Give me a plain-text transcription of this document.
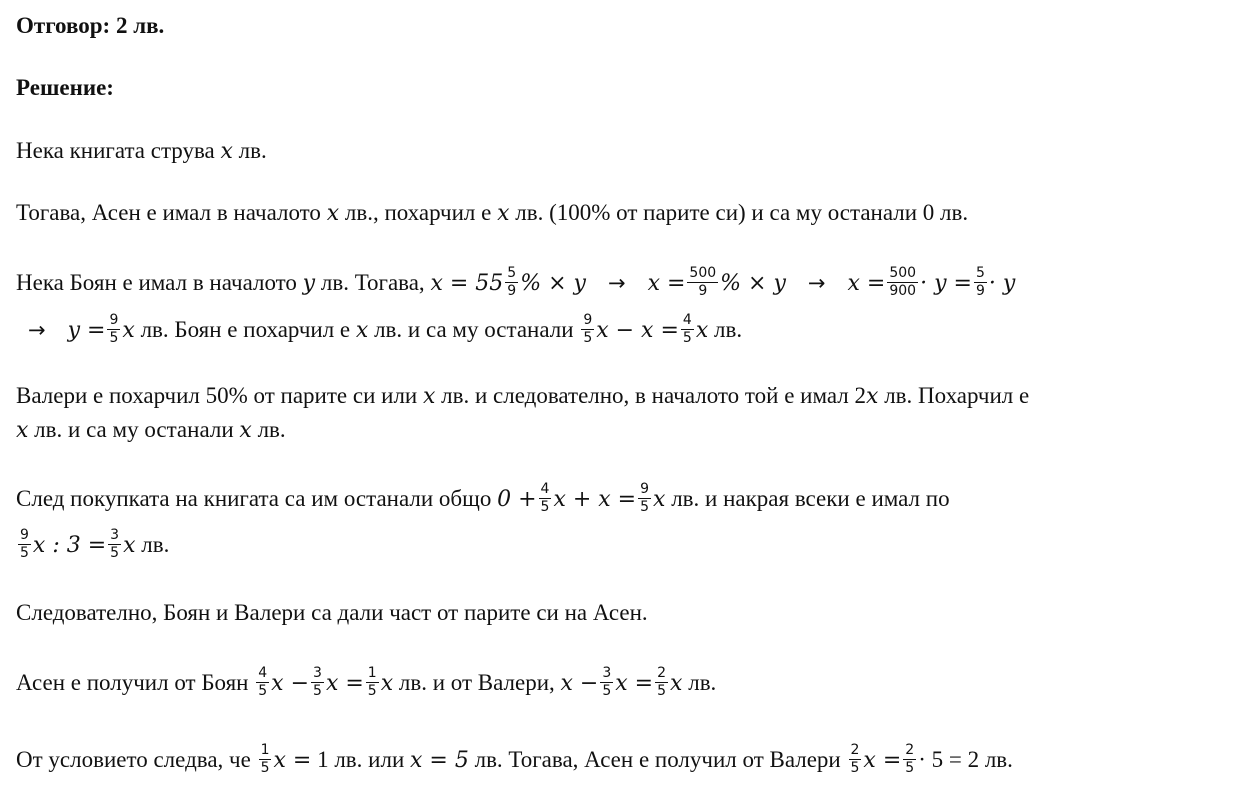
Отговор: 2 лв.
Решение:
Нека книгата струва x лв.
Тогава, Асен е имал в началото x лв., похарчил е x лв. (100% от парите си) и са му останали 0 лв.
Нека Боян е имал в началото y лв. Тогава, $x = 55 \frac{5}{9}$ % × $y \to x = \frac{500}{9}$ % × $y \to x = \frac{500}{900} \cdot y = \frac{5}{9} \cdot y$
→ $y = \frac{9}{5}$ x лв. Боян е похарчил е x лв. и са му останали $\frac{9}{5}$ $x - x = \frac{4}{5}$ x лв.
Валери е похарчил 50% от парите си или x лв. и следователно, в началото той е имал 2x лв. Похарчил е
x лв. и са му останали x лв.
След покупката на книгата са им останали общо $0 + \frac{4}{5}$ $x + x = \frac{9}{5}$ x лв. и накрая всеки е имал по
$\frac{9}{5}$ x : $3 = \frac{3}{5}$ x лв.
Следователно, Боян и Валери са дали част от парите си на Асен.
Асен е получил от Боян $\frac{4}{5}$ $x - \frac{3}{5}$ $x = \frac{1}{5}$ x лв. и от Валери, $x - \frac{3}{5}$ $x = \frac{2}{5}$ x лв.
От условието следва, че $\frac{1}{5}$ x = 1 лв. или x = 5 лв. Тогава, Асен е получил от Валери $\frac{2}{5}$ $x = \frac{2}{5} \cdot 5 = 2$ лв.
